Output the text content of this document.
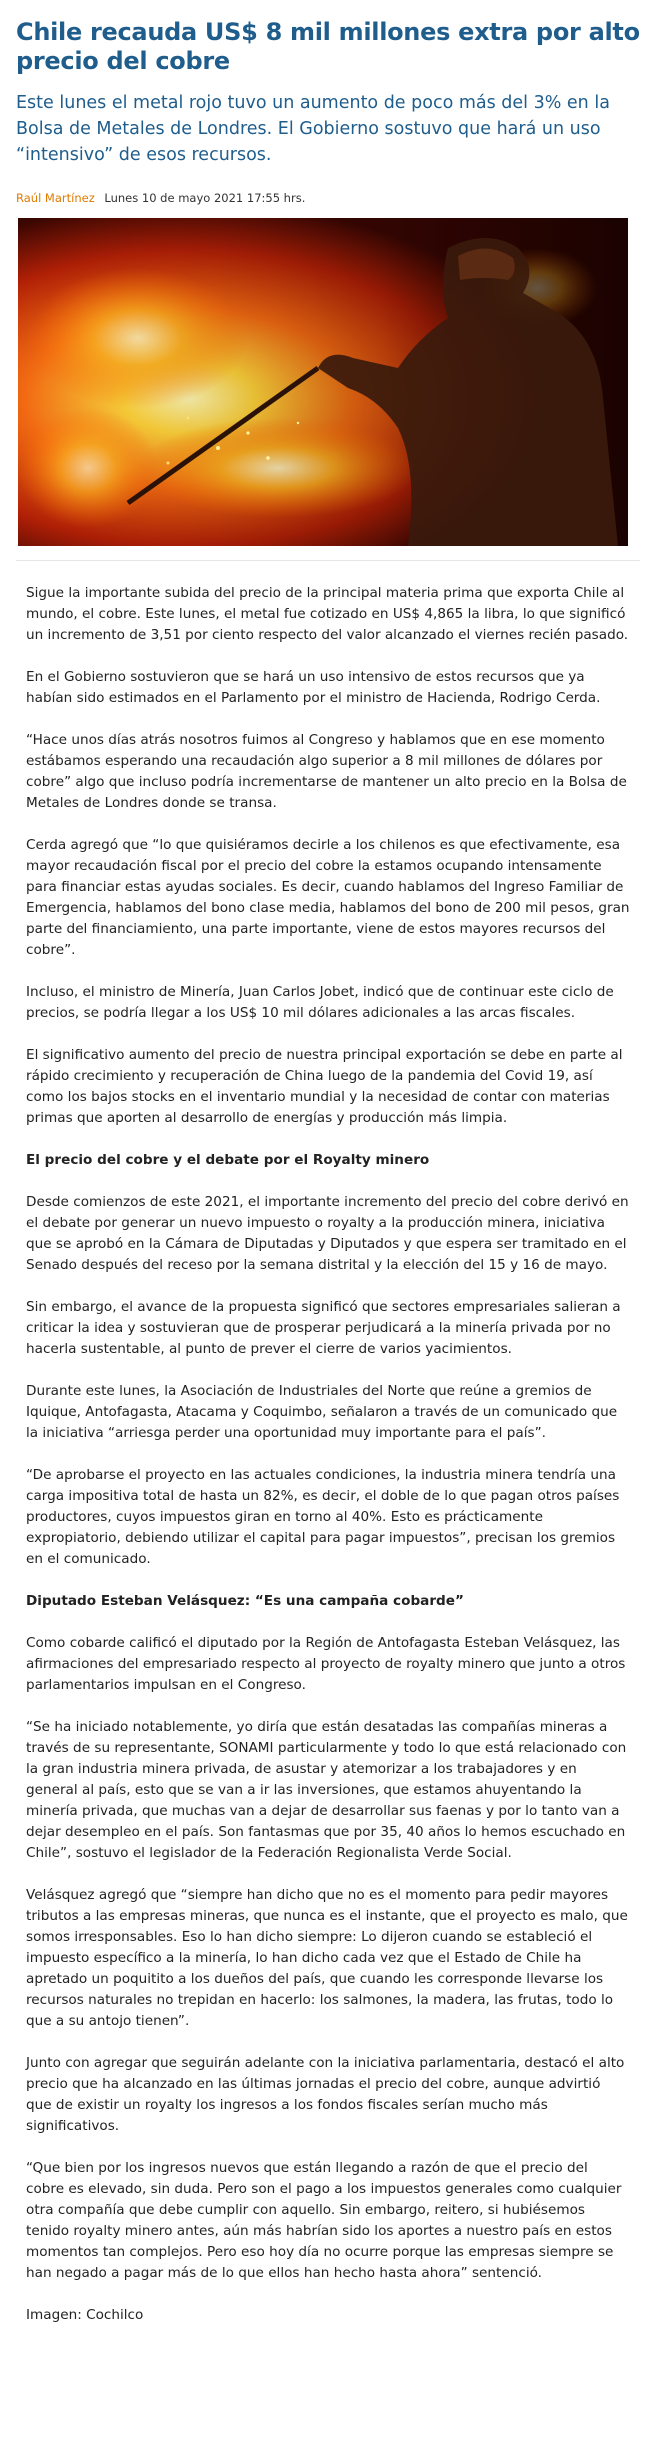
Chile recauda US$ 8 mil millones extra por alto precio del cobre

Este lunes el metal rojo tuvo un aumento de poco más del 3% en la Bolsa de Metales de Londres. El Gobierno sostuvo que hará un uso “intensivo” de esos recursos.

Raúl Martínez Lunes 10 de mayo 2021 17:55 hrs.

Sigue la importante subida del precio de la principal materia prima que exporta Chile al mundo, el cobre. Este lunes, el metal fue cotizado en US$ 4,865 la libra, lo que significó un incremento de 3,51 por ciento respecto del valor alcanzado el viernes recién pasado.

En el Gobierno sostuvieron que se hará un uso intensivo de estos recursos que ya habían sido estimados en el Parlamento por el ministro de Hacienda, Rodrigo Cerda.

“Hace unos días atrás nosotros fuimos al Congreso y hablamos que en ese momento estábamos esperando una recaudación algo superior a 8 mil millones de dólares por cobre” algo que incluso podría incrementarse de mantener un alto precio en la Bolsa de Metales de Londres donde se transa.

Cerda agregó que “lo que quisiéramos decirle a los chilenos es que efectivamente, esa mayor recaudación fiscal por el precio del cobre la estamos ocupando intensamente para financiar estas ayudas sociales. Es decir, cuando hablamos del Ingreso Familiar de Emergencia, hablamos del bono clase media, hablamos del bono de 200 mil pesos, gran parte del financiamiento, una parte importante, viene de estos mayores recursos del cobre”.

Incluso, el ministro de Minería, Juan Carlos Jobet, indicó que de continuar este ciclo de precios, se podría llegar a los US$ 10 mil dólares adicionales a las arcas fiscales.

El significativo aumento del precio de nuestra principal exportación se debe en parte al rápido crecimiento y recuperación de China luego de la pandemia del Covid 19, así como los bajos stocks en el inventario mundial y la necesidad de contar con materias primas que aporten al desarrollo de energías y producción más limpia.

El precio del cobre y el debate por el Royalty minero

Desde comienzos de este 2021, el importante incremento del precio del cobre derivó en el debate por generar un nuevo impuesto o royalty a la producción minera, iniciativa que se aprobó en la Cámara de Diputadas y Diputados y que espera ser tramitado en el Senado después del receso por la semana distrital y la elección del 15 y 16 de mayo.

Sin embargo, el avance de la propuesta significó que sectores empresariales salieran a criticar la idea y sostuvieran que de prosperar perjudicará a la minería privada por no hacerla sustentable, al punto de prever el cierre de varios yacimientos.

Durante este lunes, la Asociación de Industriales del Norte que reúne a gremios de Iquique, Antofagasta, Atacama y Coquimbo, señalaron a través de un comunicado que la iniciativa “arriesga perder una oportunidad muy importante para el país”.

“De aprobarse el proyecto en las actuales condiciones, la industria minera tendría una carga impositiva total de hasta un 82%, es decir, el doble de lo que pagan otros países productores, cuyos impuestos giran en torno al 40%. Esto es prácticamente expropiatorio, debiendo utilizar el capital para pagar impuestos”, precisan los gremios en el comunicado.

Diputado Esteban Velásquez: “Es una campaña cobarde”

Como cobarde calificó el diputado por la Región de Antofagasta Esteban Velásquez, las afirmaciones del empresariado respecto al proyecto de royalty minero que junto a otros parlamentarios impulsan en el Congreso.

“Se ha iniciado notablemente, yo diría que están desatadas las compañías mineras a través de su representante, SONAMI particularmente y todo lo que está relacionado con la gran industria minera privada, de asustar y atemorizar a los trabajadores y en general al país, esto que se van a ir las inversiones, que estamos ahuyentando la minería privada, que muchas van a dejar de desarrollar sus faenas y por lo tanto van a dejar desempleo en el país. Son fantasmas que por 35, 40 años lo hemos escuchado en Chile”, sostuvo el legislador de la Federación Regionalista Verde Social.

Velásquez agregó que “siempre han dicho que no es el momento para pedir mayores tributos a las empresas mineras, que nunca es el instante, que el proyecto es malo, que somos irresponsables. Eso lo han dicho siempre: Lo dijeron cuando se estableció el impuesto específico a la minería, lo han dicho cada vez que el Estado de Chile ha apretado un poquitito a los dueños del país, que cuando les corresponde llevarse los recursos naturales no trepidan en hacerlo: los salmones, la madera, las frutas, todo lo que a su antojo tienen”.

Junto con agregar que seguirán adelante con la iniciativa parlamentaria, destacó el alto precio que ha alcanzado en las últimas jornadas el precio del cobre, aunque advirtió que de existir un royalty los ingresos a los fondos fiscales serían mucho más significativos.

“Que bien por los ingresos nuevos que están llegando a razón de que el precio del cobre es elevado, sin duda. Pero son el pago a los impuestos generales como cualquier otra compañía que debe cumplir con aquello. Sin embargo, reitero, si hubiésemos tenido royalty minero antes, aún más habrían sido los aportes a nuestro país en estos momentos tan complejos. Pero eso hoy día no ocurre porque las empresas siempre se han negado a pagar más de lo que ellos han hecho hasta ahora” sentenció.

Imagen: Cochilco
